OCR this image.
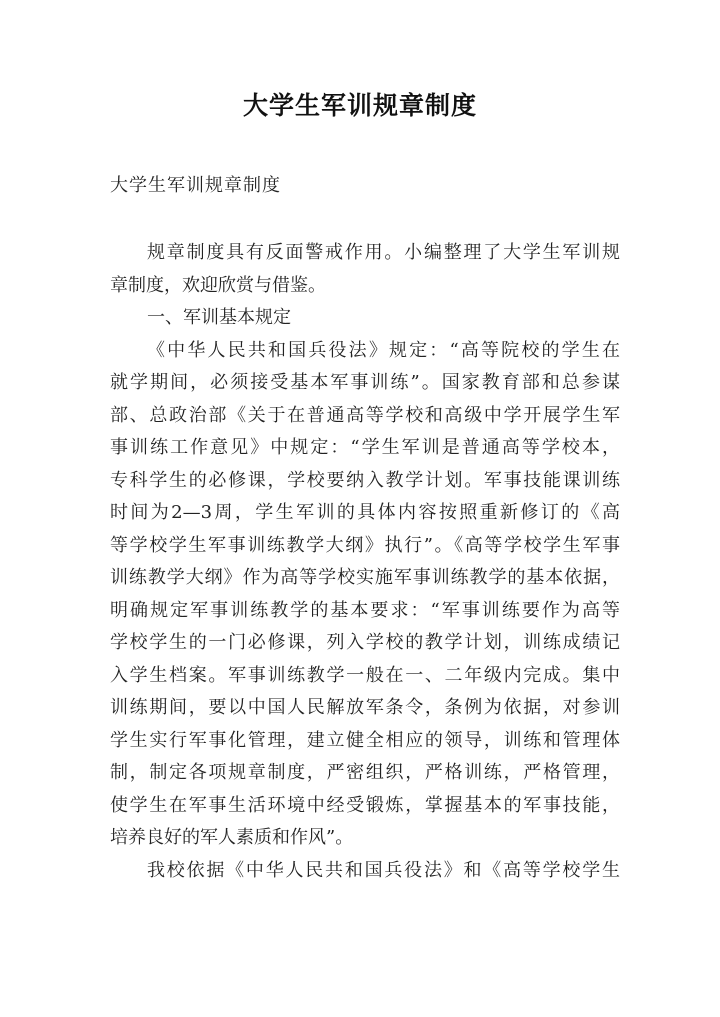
大学生军训规章制度
大学生军训规章制度
规章制度具有反面警戒作用。小编整理了大学生军训规
章制度，欢迎欣赏与借鉴。
一、军训基本规定
《中华人民共和国兵役法》规定：“高等院校的学生在
就学期间，必须接受基本军事训练”。国家教育部和总参谋
部、总政治部《关于在普通高等学校和高级中学开展学生军
事训练工作意见》中规定：“学生军训是普通高等学校本，
专科学生的必修课，学校要纳入教学计划。军事技能课训练
时间为2—3周，学生军训的具体内容按照重新修订的《高
等学校学生军事训练教学大纲》执行”。《高等学校学生军事
训练教学大纲》作为高等学校实施军事训练教学的基本依据，
明确规定军事训练教学的基本要求：“军事训练要作为高等
学校学生的一门必修课，列入学校的教学计划，训练成绩记
入学生档案。军事训练教学一般在一、二年级内完成。集中
训练期间，要以中国人民解放军条令，条例为依据，对参训
学生实行军事化管理，建立健全相应的领导，训练和管理体
制，制定各项规章制度，严密组织，严格训练，严格管理，
使学生在军事生活环境中经受锻炼，掌握基本的军事技能，
培养良好的军人素质和作风”。
我校依据《中华人民共和国兵役法》和《高等学校学生
